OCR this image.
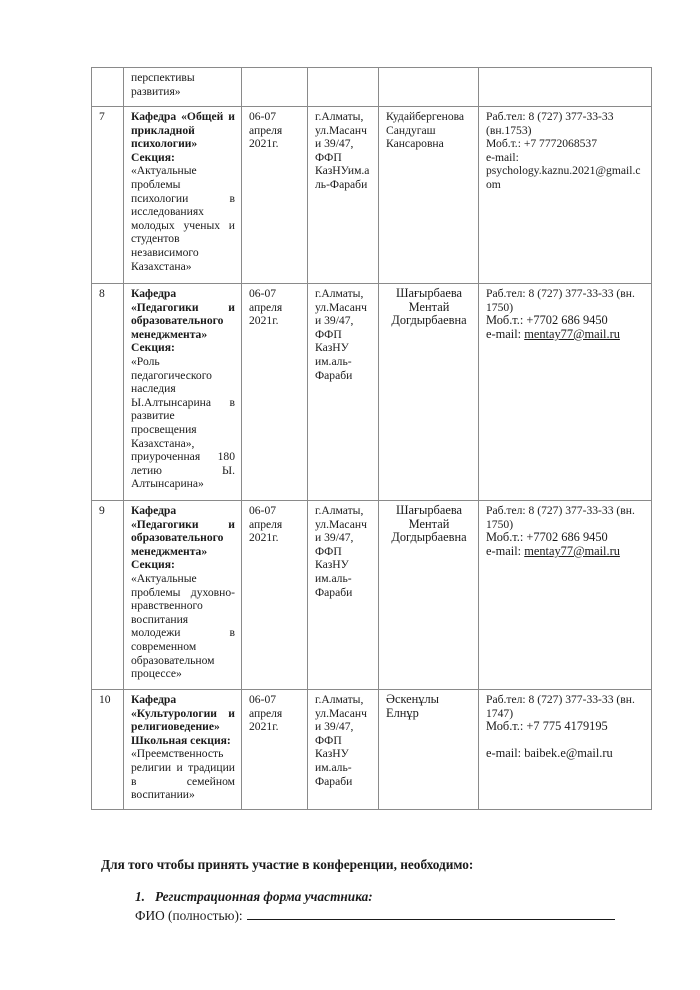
	перспективы развития»				

7	Кафедра «Общей и прикладной психологии»
Секция:
«Актуальные проблемы психологии в исследованиях молодых ученых и студентов независимого Казахстана»	06-07 апреля 2021г.	г.Алматы, ул.Масанчи 39/47, ФФП КазНУим.аль-Фараби	Кудайбергенова Сандугаш Кансаровна	Раб.тел: 8 (727) 377-33-33 (вн.1753)
Моб.т.: +7 7772068537
e-mail:
psychology.kaznu.2021@gmail.com

8	Кафедра «Педагогики и образовательного менеджмента»
Секция:
«Роль педагогического наследия Ы.Алтынсарина в развитие просвещения Казахстана», приуроченная 180 летию Ы. Алтынсарина»	06-07 апреля 2021г.	г.Алматы, ул.Масанчи 39/47, ФФП КазНУ им.аль-Фараби	Шағырбаева Ментай Догдырбаевна	Раб.тел: 8 (727) 377-33-33 (вн. 1750)
Моб.т.: +7702 686 9450
e-mail: mentay77@mail.ru

9	Кафедра «Педагогики и образовательного менеджмента»
Секция:
«Актуальные проблемы духовно-нравственного воспитания молодежи в современном образовательном процессе»	06-07 апреля 2021г.	г.Алматы, ул.Масанчи 39/47, ФФП КазНУ им.аль-Фараби	Шағырбаева Ментай Догдырбаевна	Раб.тел: 8 (727) 377-33-33 (вн. 1750)
Моб.т.: +7702 686 9450
e-mail: mentay77@mail.ru

10	Кафедра «Культурологии и религиоведение»
Школьная секция:
«Преемственность религии и традиции в семейном воспитании»	06-07 апреля 2021г.	г.Алматы, ул.Масанчи 39/47, ФФП КазНУ им.аль-Фараби	Әскенұлы Елнұр	Раб.тел: 8 (727) 377-33-33 (вн. 1747)
Моб.т.: +7 775 4179195
e-mail: baibek.e@mail.ru
Для того чтобы принять участие в конференции, необходимо:
1. Регистрационная форма участника:
ФИО (полностью):
